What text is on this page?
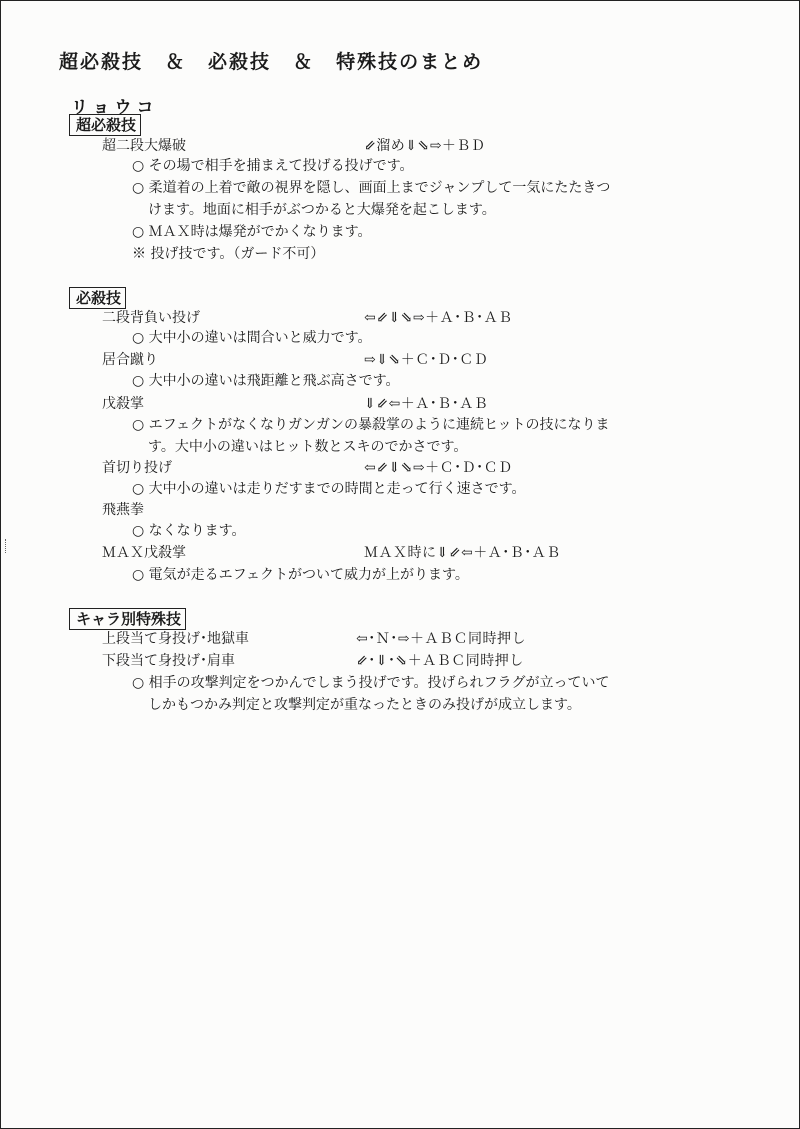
超必殺技 ＆ 必殺技 ＆ 特殊技のまとめ
リョウコ
超必殺技
超二段大爆破	⇙溜め⇓⇘⇨＋ＢＤ
○ その場で相手を捕まえて投げる投げです。
○ 柔道着の上着で敵の視界を隠し、画面上までジャンプして一気にたたきつ
けます。地面に相手がぶつかると大爆発を起こします。
○ ＭＡＸ時は爆発がでかくなります。
※ 投げ技です。（ガード不可）
必殺技
二段背負い投げ	⇦⇙⇓⇘⇨＋Ａ･Ｂ･ＡＢ
○ 大中小の違いは間合いと威力です。
居合蹴り	⇨⇓⇘＋Ｃ･Ｄ･ＣＤ
○ 大中小の違いは飛距離と飛ぶ高さです。
戊殺掌	⇓⇙⇦＋Ａ･Ｂ･ＡＢ
○ エフェクトがなくなりガンガンの暴殺掌のように連続ヒットの技になりま
す。大中小の違いはヒット数とスキのでかさです。
首切り投げ	⇦⇙⇓⇘⇨＋Ｃ･Ｄ･ＣＤ
○ 大中小の違いは走りだすまでの時間と走って行く速さです。
飛燕拳
○ なくなります。
ＭＡＸ戊殺掌	ＭＡＸ時に⇓⇙⇦＋Ａ･Ｂ･ＡＢ
○ 電気が走るエフェクトがついて威力が上がります。
キャラ別特殊技
上段当て身投げ･地獄車	⇦･Ｎ･⇨＋ＡＢＣ同時押し
下段当て身投げ･肩車	⇙･⇓･⇘＋ＡＢＣ同時押し
○ 相手の攻撃判定をつかんでしまう投げです。投げられフラグが立っていて
しかもつかみ判定と攻撃判定が重なったときのみ投げが成立します。
